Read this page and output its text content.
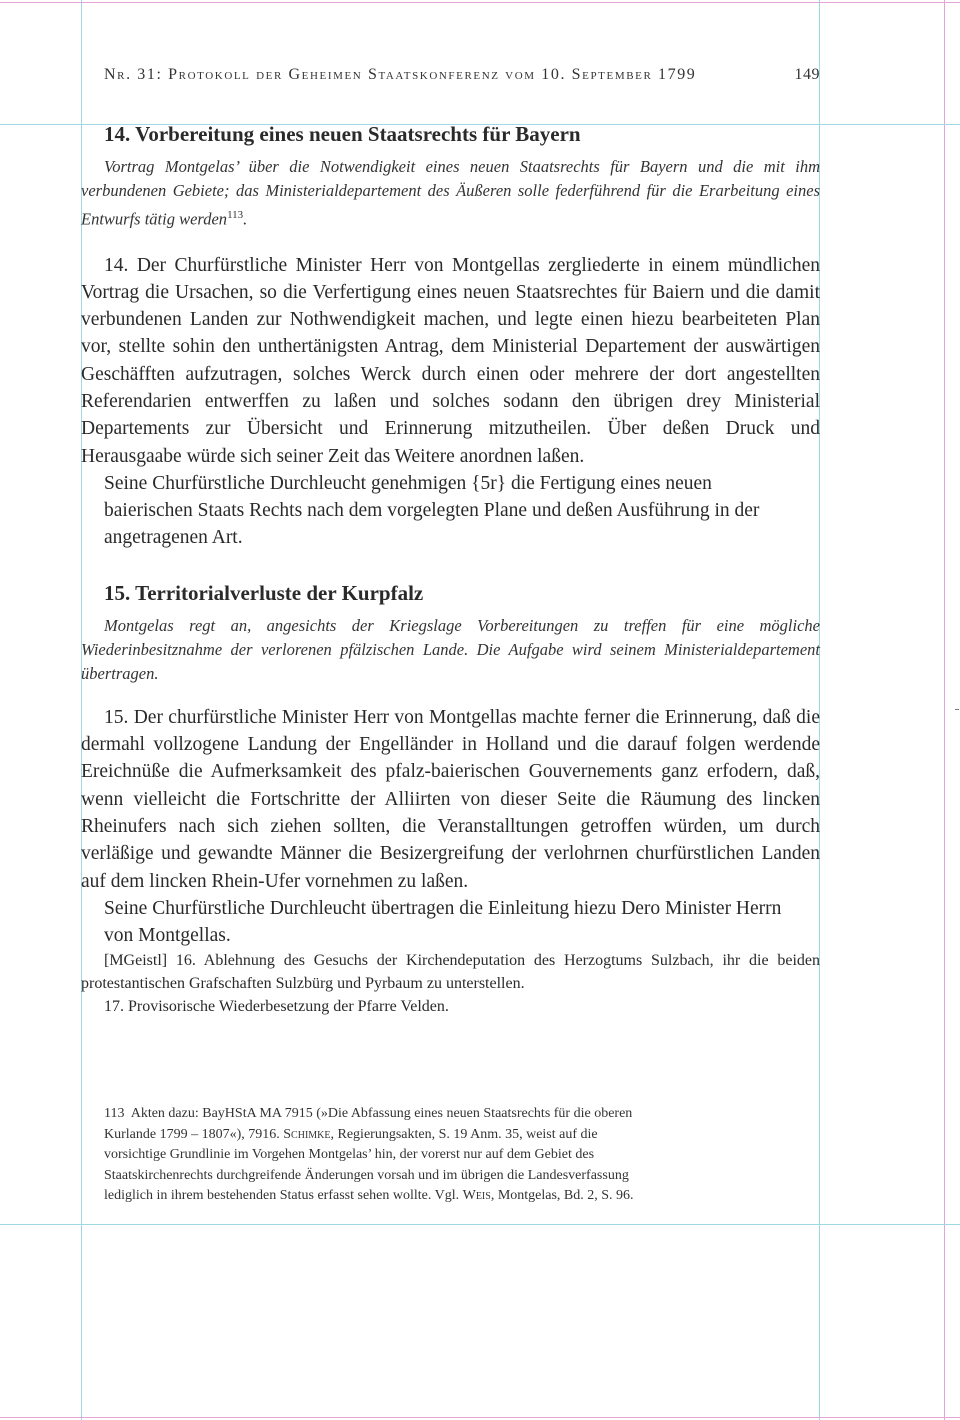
Nr. 31: Protokoll der Geheimen Staatskonferenz vom 10. September 1799	149
14. Vorbereitung eines neuen Staatsrechts für Bayern

Vortrag Montgelas’ über die Notwendigkeit eines neuen Staatsrechts für Bayern und die mit ihm verbundenen Gebiete; das Ministerialdepartement des Äußeren solle federführend für die Erarbeitung eines Entwurfs tätig werden$^{113}$.

14. Der Churfürstliche Minister Herr von Montgellas zergliederte in einem mündlichen Vortrag die Ursachen, so die Verfertigung eines neuen Staatsrechtes für Baiern und die damit verbundenen Landen zur Nothwendigkeit machen, und legte einen hiezu bearbeiteten Plan vor, stellte sohin den unthertänigsten Antrag, dem Ministerial Departement der auswärtigen Geschäfften aufzutragen, solches Werck durch einen oder mehrere der dort angestellten Referendarien entwerffen zu laßen und solches sodann den übrigen drey Ministerial Departements zur Übersicht und Erinnerung mitzutheilen. Über deßen Druck und Herausgaabe würde sich seiner Zeit das Weitere anordnen laßen.

Seine Churfürstliche Durchleucht genehmigen {5r} die Fertigung eines neuen baierischen Staats Rechts nach dem vorgelegten Plane und deßen Ausführung in der angetragenen Art.

15. Territorialverluste der Kurpfalz

Montgelas regt an, angesichts der Kriegslage Vorbereitungen zu treffen für eine mögliche Wiederinbesitznahme der verlorenen pfälzischen Lande. Die Aufgabe wird seinem Ministerialdepartement übertragen.

15. Der churfürstliche Minister Herr von Montgellas machte ferner die Erinnerung, daß die dermahl vollzogene Landung der Engelländer in Holland und die darauf folgen werdende Ereichnüße die Aufmerksamkeit des pfalz-baierischen Gouvernements ganz erfodern, daß, wenn vielleicht die Fortschritte der Alliirten von dieser Seite die Räumung des lincken Rheinufers nach sich ziehen sollten, die Veranstalltungen getroffen würden, um durch verläßige und gewandte Männer die Besizergreifung der verlohrnen churfürstlichen Landen auf dem lincken Rhein-Ufer vornehmen zu laßen.

Seine Churfürstliche Durchleucht übertragen die Einleitung hiezu Dero Minister Herrn von Montgellas.

[MGeistl] 16. Ablehnung des Gesuchs der Kirchendeputation des Herzogtums Sulzbach, ihr die beiden protestantischen Grafschaften Sulzbürg und Pyrbaum zu unterstellen.

17. Provisorische Wiederbesetzung der Pfarre Velden.

113 Akten dazu: BayHStA MA 7915 (»Die Abfassung eines neuen Staatsrechts für die oberen Kurlande 1799 – 1807«), 7916. Schimke, Regierungsakten, S. 19 Anm. 35, weist auf die vorsichtige Grundlinie im Vorgehen Montgelas’ hin, der vorerst nur auf dem Gebiet des Staatskirchenrechts durchgreifende Änderungen vorsah und im übrigen die Landesverfassung lediglich in ihrem bestehenden Status erfasst sehen wollte. Vgl. Weis, Montgelas, Bd. 2, S. 96.
